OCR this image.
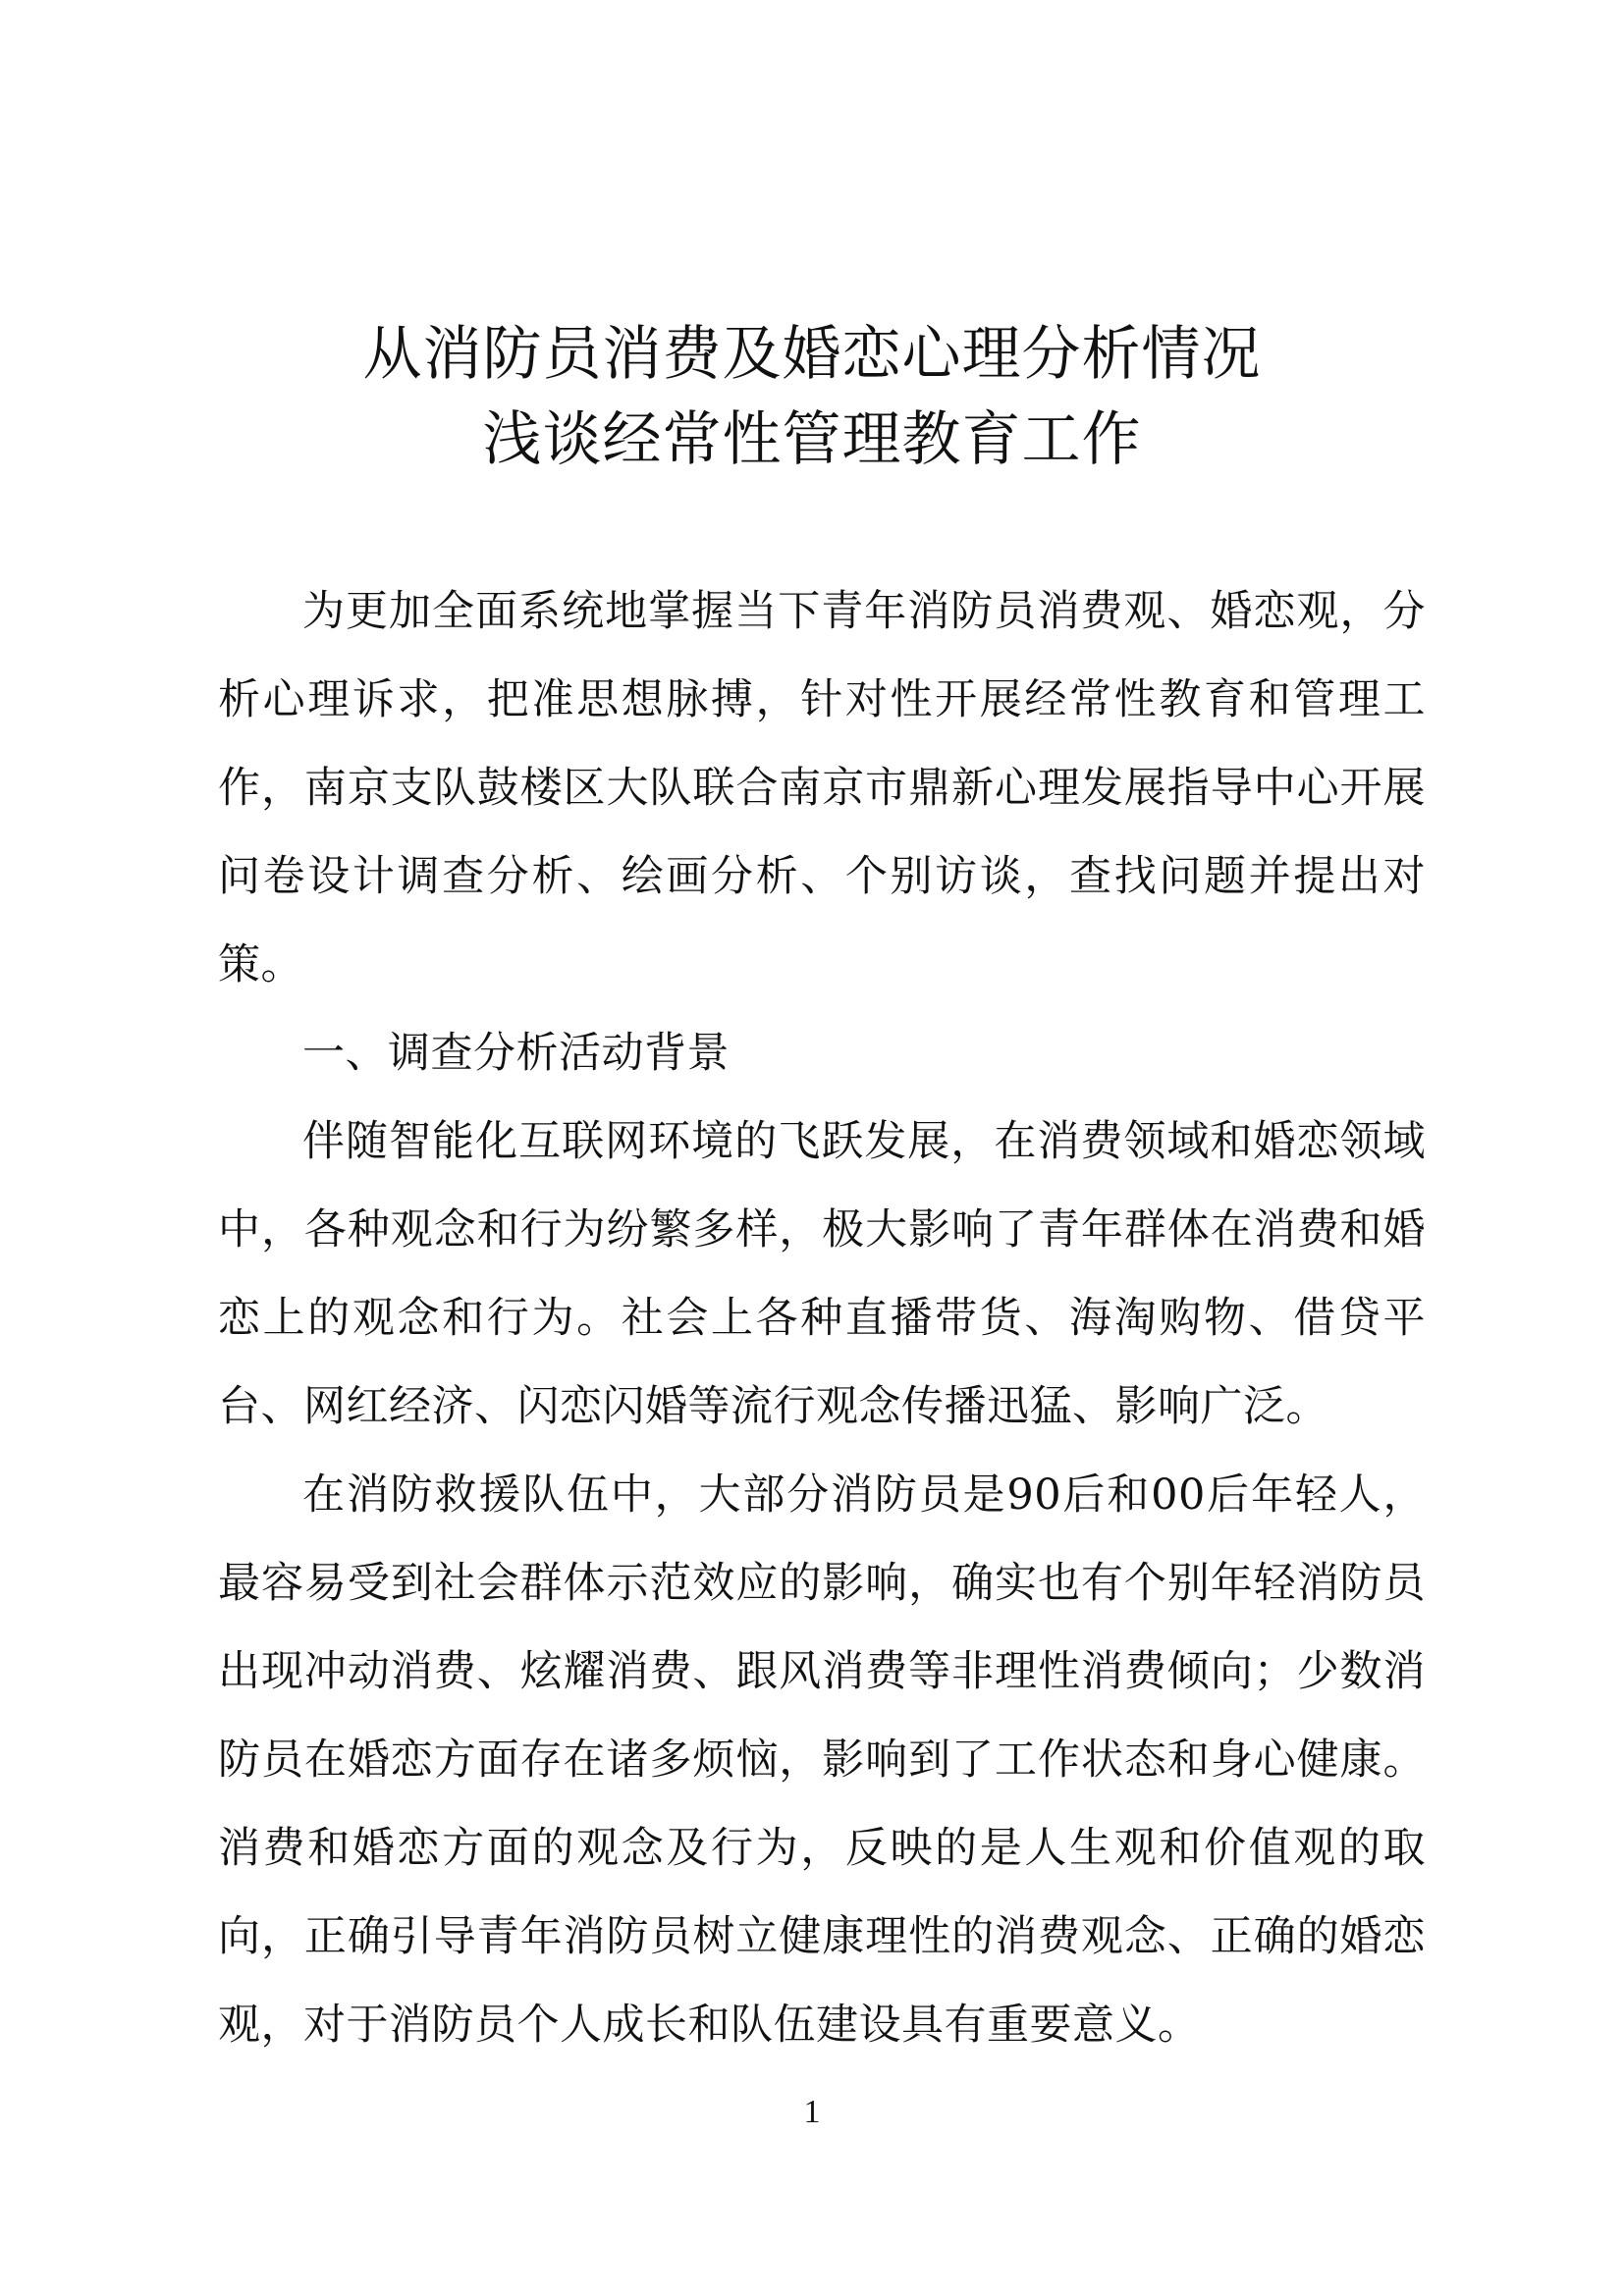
从消防员消费及婚恋心理分析情况
浅谈经常性管理教育工作

为更加全面系统地掌握当下青年消防员消费观、婚恋观，分析心理诉求，把准思想脉搏，针对性开展经常性教育和管理工作，南京支队鼓楼区大队联合南京市鼎新心理发展指导中心开展问卷设计调查分析、绘画分析、个别访谈，查找问题并提出对策。

一、调查分析活动背景

伴随智能化互联网环境的飞跃发展，在消费领域和婚恋领域中，各种观念和行为纷繁多样，极大影响了青年群体在消费和婚恋上的观念和行为。社会上各种直播带货、海淘购物、借贷平台、网红经济、闪恋闪婚等流行观念传播迅猛、影响广泛。

在消防救援队伍中，大部分消防员是90后和00后年轻人，最容易受到社会群体示范效应的影响，确实也有个别年轻消防员出现冲动消费、炫耀消费、跟风消费等非理性消费倾向；少数消防员在婚恋方面存在诸多烦恼，影响到了工作状态和身心健康。消费和婚恋方面的观念及行为，反映的是人生观和价值观的取向，正确引导青年消防员树立健康理性的消费观念、正确的婚恋观，对于消防员个人成长和队伍建设具有重要意义。

1
